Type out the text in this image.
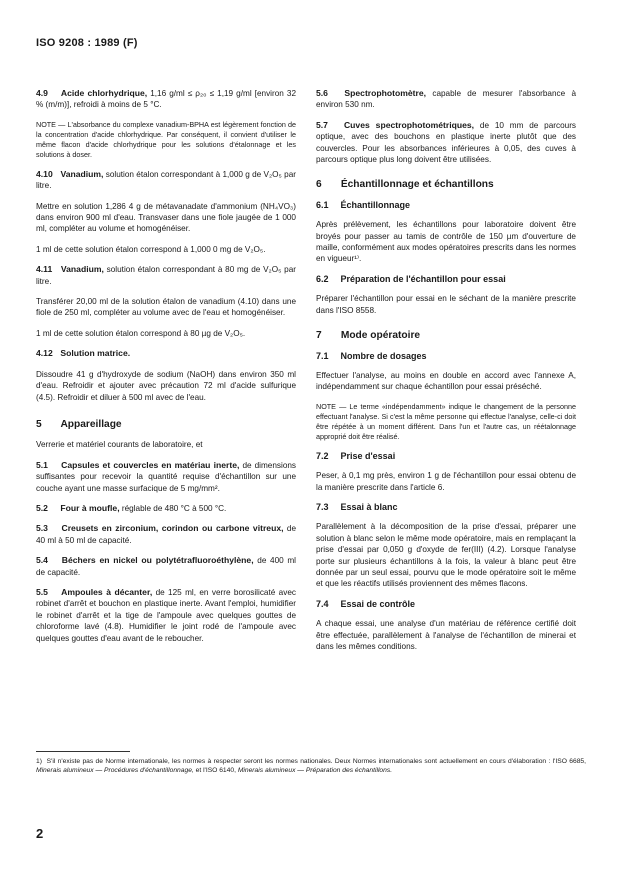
ISO 9208 : 1989 (F)

4.9 Acide chlorhydrique, 1,16 g/ml ≤ ρ₂₀ ≤ 1,19 g/ml [environ 32 % (m/m)], refroidi à moins de 5 °C.

NOTE — L'absorbance du complexe vanadium-BPHA est légèrement fonction de la concentration d'acide chlorhydrique. Par conséquent, il convient d'utiliser le même flacon d'acide chlorhydrique pour les solutions d'étalonnage et les solutions à doser.

4.10 Vanadium, solution étalon correspondant à 1,000 g de V₂O₅ par litre.

Mettre en solution 1,286 4 g de métavanadate d'ammonium (NH₄VO₃) dans environ 900 ml d'eau. Transvaser dans une fiole jaugée de 1 000 ml, compléter au volume et homogénéiser.

1 ml de cette solution étalon correspond à 1,000 0 mg de V₂O₅.

4.11 Vanadium, solution étalon correspondant à 80 mg de V₂O₅ par litre.

Transférer 20,00 ml de la solution étalon de vanadium (4.10) dans une fiole de 250 ml, compléter au volume avec de l'eau et homogénéiser.

1 ml de cette solution étalon correspond à 80 µg de V₂O₅.

4.12 Solution matrice.

Dissoudre 41 g d'hydroxyde de sodium (NaOH) dans environ 350 ml d'eau. Refroidir et ajouter avec précaution 72 ml d'acide sulfurique (4.5). Refroidir et diluer à 500 ml avec de l'eau.

5 Appareillage

Verrerie et matériel courants de laboratoire, et

5.1 Capsules et couvercles en matériau inerte, de dimensions suffisantes pour recevoir la quantité requise d'échantillon sur une couche ayant une masse surfacique de 5 mg/mm².

5.2 Four à moufle, réglable de 480 °C à 500 °C.

5.3 Creusets en zirconium, corindon ou carbone vitreux, de 40 ml à 50 ml de capacité.

5.4 Béchers en nickel ou polytétrafluoroéthylène, de 400 ml de capacité.

5.5 Ampoules à décanter, de 125 ml, en verre borosilicaté avec robinet d'arrêt et bouchon en plastique inerte. Avant l'emploi, humidifier le robinet d'arrêt et la tige de l'ampoule avec quelques gouttes de chloroforme lavé (4.8). Humidifier le joint rodé de l'ampoule avec quelques gouttes d'eau avant de le reboucher.

5.6 Spectrophotomètre, capable de mesurer l'absorbance à environ 530 nm.

5.7 Cuves spectrophotométriques, de 10 mm de parcours optique, avec des bouchons en plastique inerte plutôt que des couvercles. Pour les absorbances inférieures à 0,05, des cuves à parcours optique plus long doivent être utilisées.

6 Échantillonnage et échantillons
6.1 Échantillonnage

Après prélèvement, les échantillons pour laboratoire doivent être broyés pour passer au tamis de contrôle de 150 µm d'ouverture de maille, conformément aux modes opératoires prescrits dans les normes en vigueur¹⁾.

6.2 Préparation de l'échantillon pour essai

Préparer l'échantillon pour essai en le séchant de la manière prescrite dans l'ISO 8558.

7 Mode opératoire
7.1 Nombre de dosages

Effectuer l'analyse, au moins en double en accord avec l'annexe A, indépendamment sur chaque échantillon pour essai préséché.

NOTE — Le terme «indépendamment» indique le changement de la personne effectuant l'analyse. Si c'est la même personne qui effectue l'analyse, celle-ci doit être répétée à un moment différent. Dans l'un et l'autre cas, un réétalonnage approprié doit être réalisé.

7.2 Prise d'essai

Peser, à 0,1 mg près, environ 1 g de l'échantillon pour essai obtenu de la manière prescrite dans l'article 6.

7.3 Essai à blanc

Parallèlement à la décomposition de la prise d'essai, préparer une solution à blanc selon le même mode opératoire, mais en remplaçant la prise d'essai par 0,050 g d'oxyde de fer(III) (4.2). Lorsque l'analyse porte sur plusieurs échantillons à la fois, la valeur à blanc peut être donnée par un seul essai, pourvu que le mode opératoire soit le même et que les réactifs utilisés proviennent des mêmes flacons.

7.4 Essai de contrôle

A chaque essai, une analyse d'un matériau de référence certifié doit être effectuée, parallèlement à l'analyse de l'échantillon de minerai et dans les mêmes conditions.

1) S'il n'existe pas de Norme internationale, les normes à respecter seront les normes nationales. Deux Normes internationales sont actuellement en cours d'élaboration : l'ISO 6685, Minerais alumineux — Procédures d'échantillonnage, et l'ISO 6140, Minerais alumineux — Préparation des échantillons.
2
